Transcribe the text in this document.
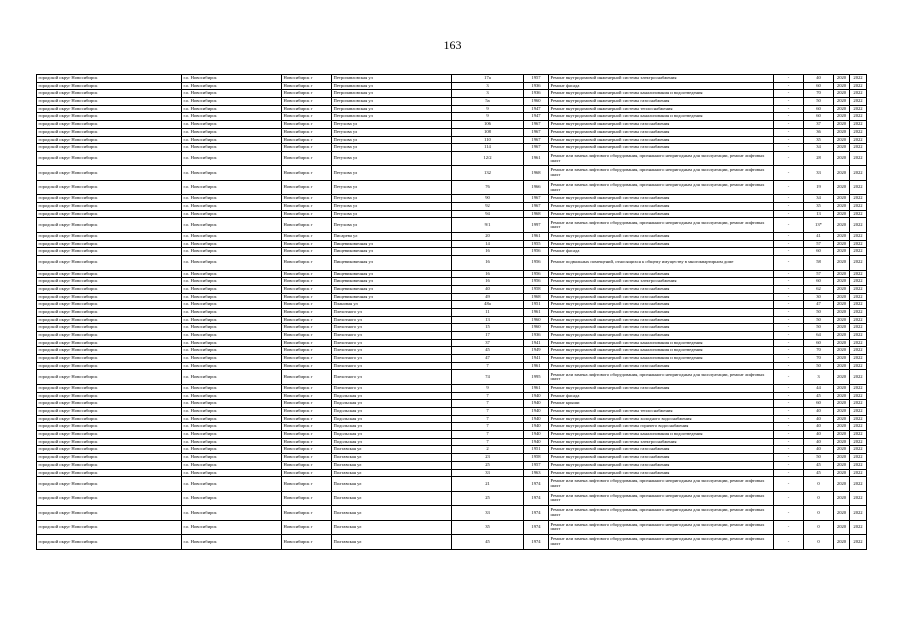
163
городской округ Новосибирск	г.о. Новосибирск	Новосибирск г	Петропавловская ул	17а	1957	Ремонт внутридомовой инженерной системы электроснабжения	-	40	2020	2022
городской округ Новосибирск	г.о. Новосибирск	Новосибирск г	Петропавловская ул	3	1936	Ремонт фасада	-	60	2020	2022
городской округ Новосибирск	г.о. Новосибирск	Новосибирск г	Петропавловская ул	3	1936	Ремонт внутридомовой инженерной системы канализования и водоотведения	-	70	2020	2022
городской округ Новосибирск	г.о. Новосибирск	Новосибирск г	Петропавловская ул	5а	1960	Ремонт внутридомовой инженерной системы газоснабжения	-	50	2020	2022
городской округ Новосибирск	г.о. Новосибирск	Новосибирск г	Петропавловская ул	9	1947	Ремонт внутридомовой инженерной системы теплоснабжения	-	60	2020	2022
городской округ Новосибирск	г.о. Новосибирск	Новосибирск г	Петропавловская ул	9	1947	Ремонт внутридомовой инженерной системы канализования и водоотведения	-	60	2020	2022
городской округ Новосибирск	г.о. Новосибирск	Новосибирск г	Петухова ул	106	1967	Ремонт внутридомовой инженерной системы газоснабжения	-	37	2020	2022
городской округ Новосибирск	г.о. Новосибирск	Новосибирск г	Петухова ул	108	1967	Ремонт внутридомовой инженерной системы газоснабжения	-	36	2020	2022
городской округ Новосибирск	г.о. Новосибирск	Новосибирск г	Петухова ул	110	1967	Ремонт внутридомовой инженерной системы газоснабжения	-	35	2020	2022
городской округ Новосибирск	г.о. Новосибирск	Новосибирск г	Петухова ул	114	1967	Ремонт внутридомовой инженерной системы газоснабжения	-	34	2020	2022
городской округ Новосибирск	г.о. Новосибирск	Новосибирск г	Петухова ул	12/2	1961	Ремонт или замена лифтового оборудования, признанного непригодным для эксплуатации, ремонт лифтовых шахт	-	28	2020	2022
городской округ Новосибирск	г.о. Новосибирск	Новосибирск г	Петухова ул	132	1968	Ремонт или замена лифтового оборудования, признанного непригодным для эксплуатации, ремонт лифтовых шахт	-	33	2020	2022
городской округ Новосибирск	г.о. Новосибирск	Новосибирск г	Петухова ул	76	1966	Ремонт или замена лифтового оборудования, признанного непригодным для эксплуатации, ремонт лифтовых шахт	-	19	2020	2022
городской округ Новосибирск	г.о. Новосибирск	Новосибирск г	Петухова ул	90	1967	Ремонт внутридомовой инженерной системы газоснабжения	-	34	2020	2022
городской округ Новосибирск	г.о. Новосибирск	Новосибирск г	Петухова ул	92	1967	Ремонт внутридомовой инженерной системы газоснабжения	-	35	2020	2022
городской округ Новосибирск	г.о. Новосибирск	Новосибирск г	Петухова ул	94	1968	Ремонт внутридомовой инженерной системы газоснабжения	-	13	2020	2022
городской округ Новосибирск	г.о. Новосибирск	Новосибирск г	Петухова ул	9/1	1997	Ремонт или замена лифтового оборудования, признанного непригодным для эксплуатации, ремонт лифтовых шахт	-	13*	2020	2022
городской округ Новосибирск	г.о. Новосибирск	Новосибирск г	Писарева ул	20	1961	Ремонт внутридомовой инженерной системы газоснабжения	-	41	2020	2022
городской округ Новосибирск	г.о. Новосибирск	Новосибирск г	Пищевиковичная ул	14	1955	Ремонт внутридомовой инженерной системы газоснабжения	-	57	2020	2022
городской округ Новосибирск	г.о. Новосибирск	Новосибирск г	Пищевиковичная ул	16	1956	Ремонт фасада	-	60	2020	2022
городской округ Новосибирск	г.о. Новосибирск	Новосибирск г	Пищевиковичная ул	16	1956	Ремонт подвальных помещений, относящихся к общему имуществу в многоквартирном доме	-	58	2020	2022
городской округ Новосибирск	г.о. Новосибирск	Новосибирск г	Пищевиковичная ул	16	1956	Ремонт внутридомовой инженерной системы газоснабжения	-	57	2020	2022
городской округ Новосибирск	г.о. Новосибирск	Новосибирск г	Пищевиковичная ул	16	1956	Ремонт внутридомовой инженерной системы электроснабжения	-	60	2020	2022
городской округ Новосибирск	г.о. Новосибирск	Новосибирск г	Пищевиковичная ул	40	1958	Ремонт внутридомовой инженерной системы газоснабжения	-	62	2020	2022
городской округ Новосибирск	г.о. Новосибирск	Новосибирск г	Пищевиковичная ул	49	1968	Ремонт внутридомовой инженерной системы газоснабжения	-	30	2020	2022
городской округ Новосибирск	г.о. Новосибирск	Новосибирск г	Плановая ул	48а	1951	Ремонт внутридомовой инженерной системы газоснабжения	-	47	2020	2022
городской округ Новосибирск	г.о. Новосибирск	Новосибирск г	Плехотного ул	11	1961	Ремонт внутридомовой инженерной системы газоснабжения	-	50	2020	2022
городской округ Новосибирск	г.о. Новосибирск	Новосибирск г	Плехотного ул	13	1960	Ремонт внутридомовой инженерной системы газоснабжения	-	50	2020	2022
городской округ Новосибирск	г.о. Новосибирск	Новосибирск г	Плехотного ул	15	1960	Ремонт внутридомовой инженерной системы газоснабжения	-	50	2020	2022
городской округ Новосибирск	г.о. Новосибирск	Новосибирск г	Плехотного ул	17	1936	Ремонт внутридомовой инженерной системы газоснабжения	-	64	2020	2022
городской округ Новосибирск	г.о. Новосибирск	Новосибирск г	Плехотного ул	37	1941	Ремонт внутридомовой инженерной системы канализования и водоотведения	-	60	2020	2022
городской округ Новосибирск	г.о. Новосибирск	Новосибирск г	Плехотного ул	45	1949	Ремонт внутридомовой инженерной системы канализования и водоотведения	-	70	2020	2022
городской округ Новосибирск	г.о. Новосибирск	Новосибирск г	Плехотного ул	47	1941	Ремонт внутридомовой инженерной системы канализования и водоотведения	-	70	2020	2022
городской округ Новосибирск	г.о. Новосибирск	Новосибирск г	Плехотного ул	7	1961	Ремонт внутридомовой инженерной системы газоснабжения	-	50	2020	2022
городской округ Новосибирск	г.о. Новосибирск	Новосибирск г	Плехотного ул	74	1995	Ремонт или замена лифтового оборудования, признанного непригодным для эксплуатации, ремонт лифтовых шахт	-	3	2020	2022
городской округ Новосибирск	г.о. Новосибирск	Новосибирск г	Плехотного ул	9	1961	Ремонт внутридомовой инженерной системы газоснабжения	-	44	2020	2022
городской округ Новосибирск	г.о. Новосибирск	Новосибирск г	Подольская ул	7	1940	Ремонт фасада	-	45	2020	2022
городской округ Новосибирск	г.о. Новосибирск	Новосибирск г	Подольская ул	7	1940	Ремонт крыши	-	60	2020	2022
городской округ Новосибирск	г.о. Новосибирск	Новосибирск г	Подольская ул	7	1940	Ремонт внутридомовой инженерной системы теплоснабжения	-	40	2020	2022
городской округ Новосибирск	г.о. Новосибирск	Новосибирск г	Подольская ул	7	1940	Ремонт внутридомовой инженерной системы холодного водоснабжения	-	40	2020	2022
городской округ Новосибирск	г.о. Новосибирск	Новосибирск г	Подольская ул	7	1940	Ремонт внутридомовой инженерной системы горячего водоснабжения	-	40	2020	2022
городской округ Новосибирск	г.о. Новосибирск	Новосибирск г	Подольская ул	7	1940	Ремонт внутридомовой инженерной системы канализования и водоотведения	-	40	2020	2022
городской округ Новосибирск	г.о. Новосибирск	Новосибирск г	Подольская ул	7	1940	Ремонт внутридомовой инженерной системы электроснабжения	-	40	2020	2022
городской округ Новосибирск	г.о. Новосибирск	Новосибирск г	Полтавская ул	2	1951	Ремонт внутридомовой инженерной системы газоснабжения	-	40	2020	2022
городской округ Новосибирск	г.о. Новосибирск	Новосибирск г	Полтавская ул	23	1958	Ремонт внутридомовой инженерной системы газоснабжения	-	50	2020	2022
городской округ Новосибирск	г.о. Новосибирск	Новосибирск г	Полтавская ул	25	1957	Ремонт внутридомовой инженерной системы газоснабжения	-	45	2020	2022
городской округ Новосибирск	г.о. Новосибирск	Новосибирск г	Полтавская ул	33	1963	Ремонт внутридомовой инженерной системы газоснабжения	-	45	2020	2022
городской округ Новосибирск	г.о. Новосибирск	Новосибирск г	Полтавская ул	21	1974	Ремонт или замена лифтового оборудования, признанного непригодным для эксплуатации, ремонт лифтовых шахт	-	0	2020	2022
городской округ Новосибирск	г.о. Новосибирск	Новосибирск г	Полтавская ул	25	1974	Ремонт или замена лифтового оборудования, признанного непригодным для эксплуатации, ремонт лифтовых шахт	-	0	2020	2022
городской округ Новосибирск	г.о. Новосибирск	Новосибирск г	Полтавская ул	33	1974	Ремонт или замена лифтового оборудования, признанного непригодным для эксплуатации, ремонт лифтовых шахт	-	0	2020	2022
городской округ Новосибирск	г.о. Новосибирск	Новосибирск г	Полтавская ул	35	1974	Ремонт или замена лифтового оборудования, признанного непригодным для эксплуатации, ремонт лифтовых шахт	-	0	2020	2022
городской округ Новосибирск	г.о. Новосибирск	Новосибирск г	Полтавская ул	45	1974	Ремонт или замена лифтового оборудования, признанного непригодным для эксплуатации, ремонт лифтовых шахт	-	0	2020	2022
